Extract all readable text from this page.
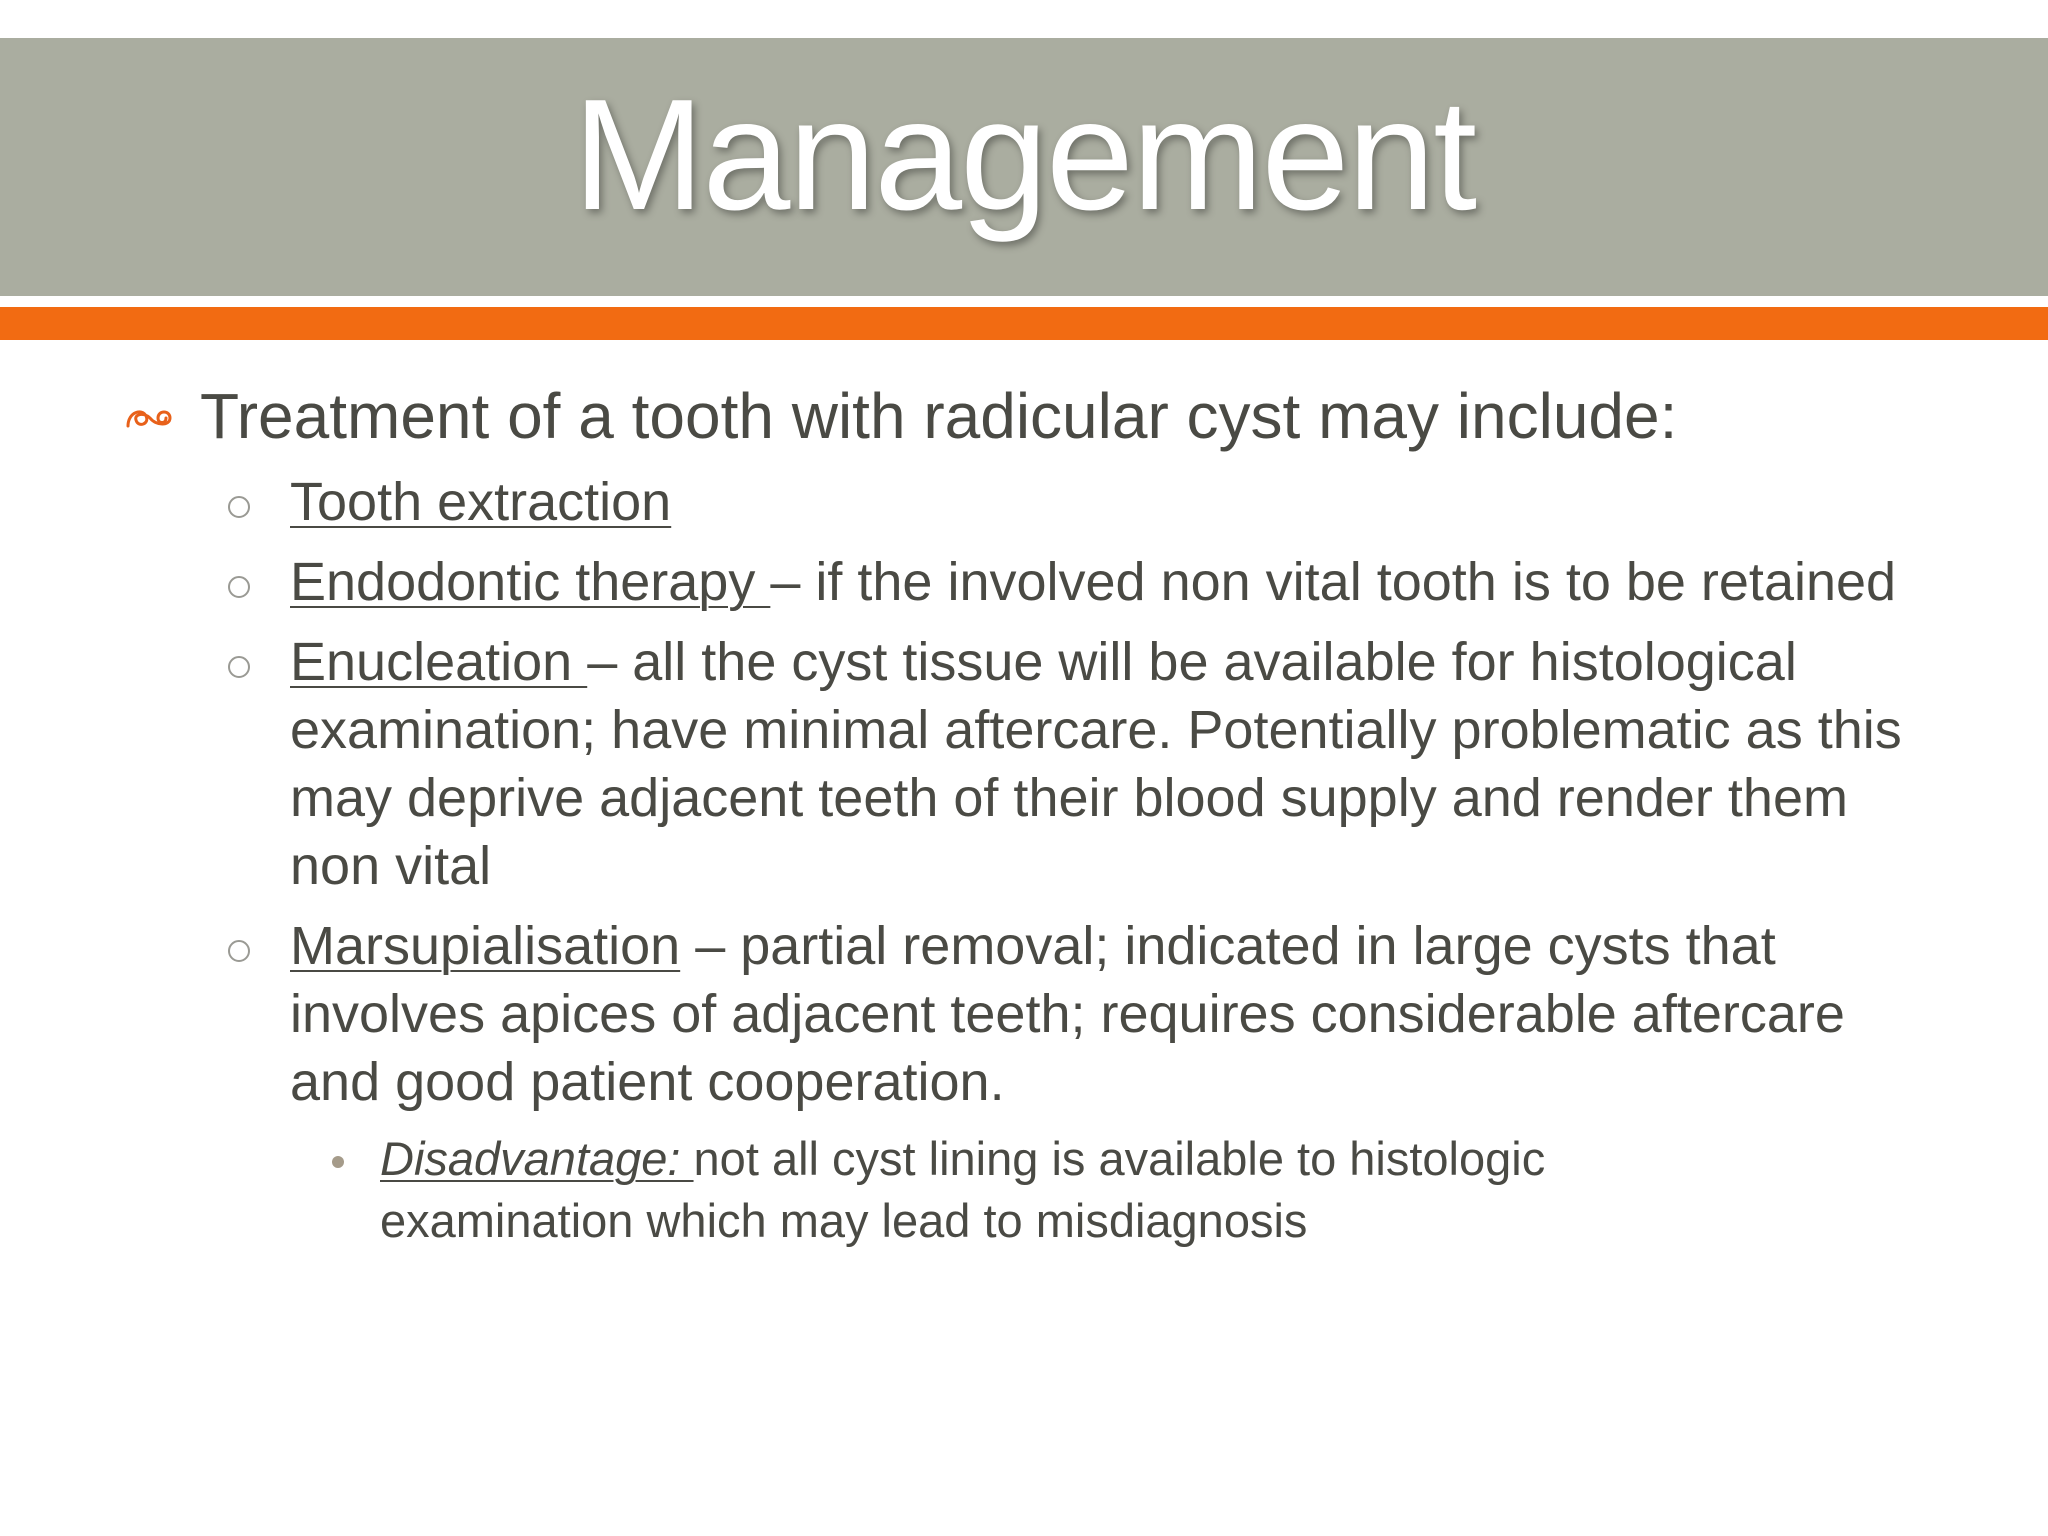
Management
Treatment of a tooth with radicular cyst may include:
Tooth extraction
Endodontic therapy – if the involved non vital tooth is to be retained
Enucleation – all the cyst tissue will be available for histological examination; have minimal aftercare. Potentially problematic as this may deprive adjacent teeth of their blood supply and render them non vital
Marsupialisation – partial removal; indicated in large cysts that involves apices of adjacent teeth; requires considerable aftercare and good patient cooperation.
Disadvantage: not all cyst lining is available to histologic examination which may lead to misdiagnosis
